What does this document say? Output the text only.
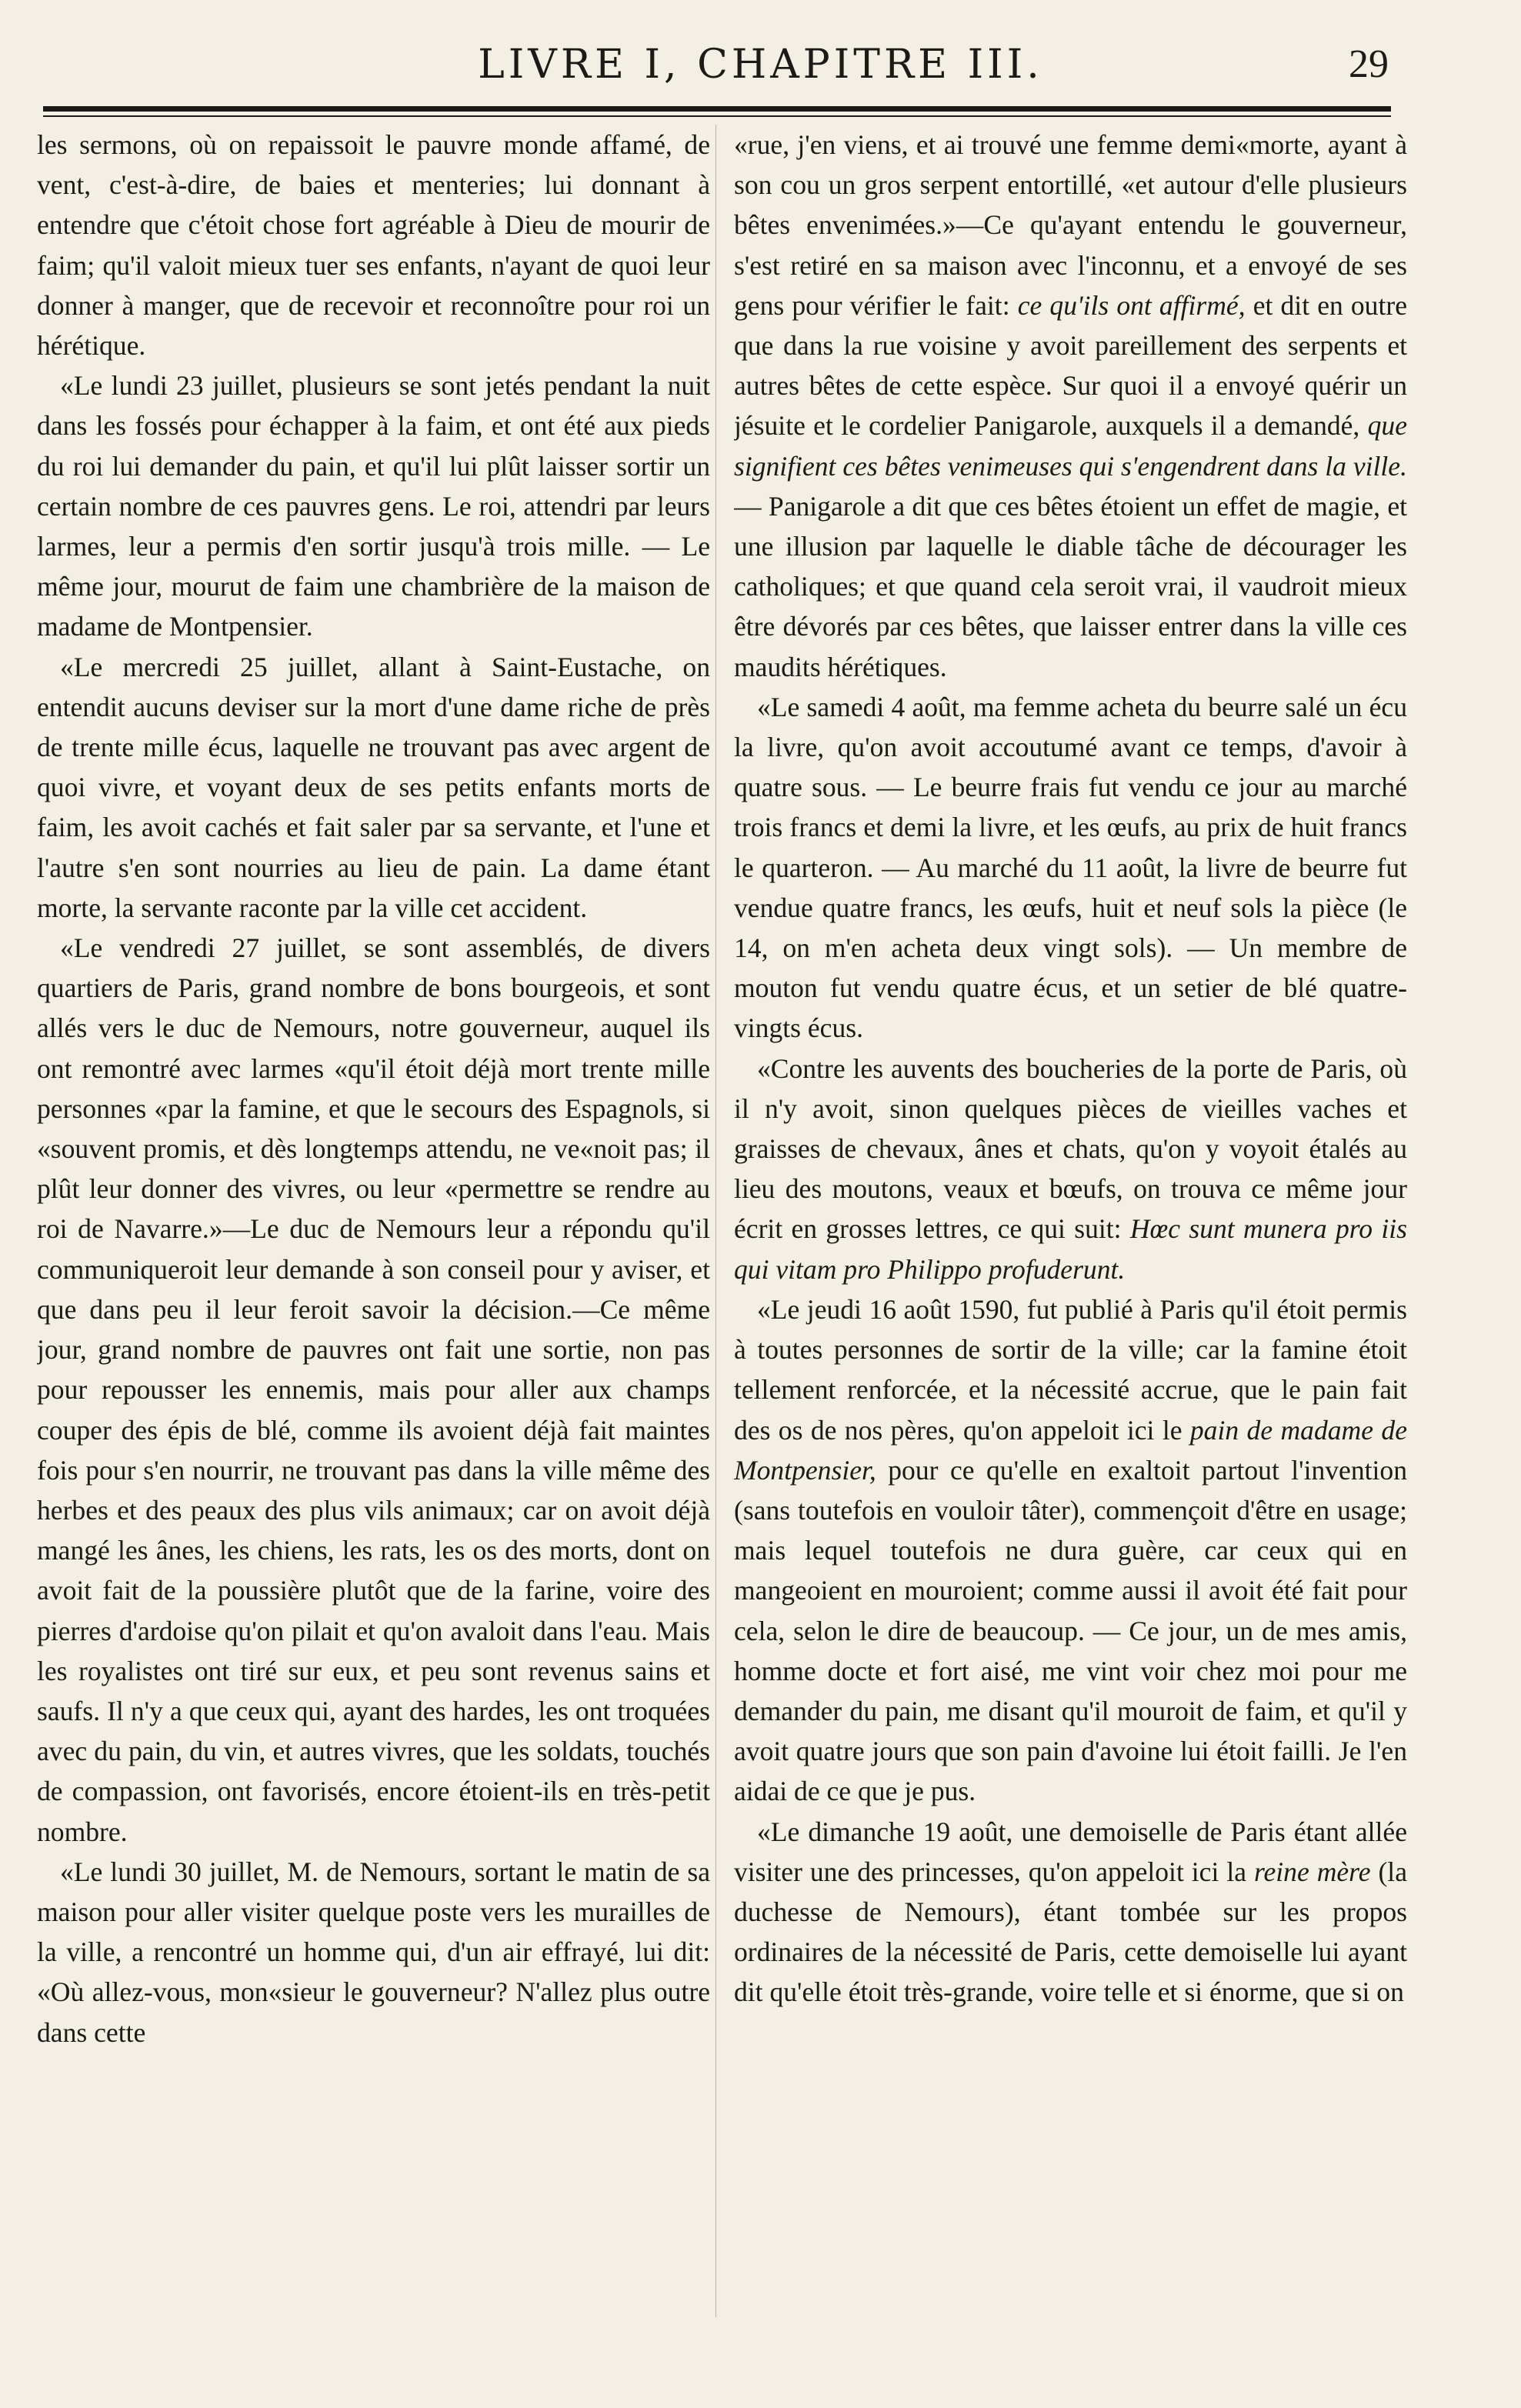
LIVRE I, CHAPITRE III.	29

les sermons, où on repaissoit le pauvre monde affamé, de vent, c'est-à-dire, de baies et menteries; lui donnant à entendre que c'étoit chose fort agréable à Dieu de mourir de faim; qu'il valoit mieux tuer ses enfants, n'ayant de quoi leur donner à manger, que de recevoir et reconnoître pour roi un hérétique.

«Le lundi 23 juillet, plusieurs se sont jetés pendant la nuit dans les fossés pour échapper à la faim, et ont été aux pieds du roi lui demander du pain, et qu'il lui plût laisser sortir un certain nombre de ces pauvres gens. Le roi, attendri par leurs larmes, leur a permis d'en sortir jusqu'à trois mille. — Le même jour, mourut de faim une chambrière de la maison de madame de Montpensier.

«Le mercredi 25 juillet, allant à Saint-Eustache, on entendit aucuns deviser sur la mort d'une dame riche de près de trente mille écus, laquelle ne trouvant pas avec argent de quoi vivre, et voyant deux de ses petits enfants morts de faim, les avoit cachés et fait saler par sa servante, et l'une et l'autre s'en sont nourries au lieu de pain. La dame étant morte, la servante raconte par la ville cet accident.

«Le vendredi 27 juillet, se sont assemblés, de divers quartiers de Paris, grand nombre de bons bourgeois, et sont allés vers le duc de Nemours, notre gouverneur, auquel ils ont remontré avec larmes «qu'il étoit déjà mort trente mille personnes «par la famine, et que le secours des Espagnols, si «souvent promis, et dès longtemps attendu, ne ve«noit pas; il plût leur donner des vivres, ou leur «permettre se rendre au roi de Navarre.»—Le duc de Nemours leur a répondu qu'il communiqueroit leur demande à son conseil pour y aviser, et que dans peu il leur feroit savoir la décision.—Ce même jour, grand nombre de pauvres ont fait une sortie, non pas pour repousser les ennemis, mais pour aller aux champs couper des épis de blé, comme ils avoient déjà fait maintes fois pour s'en nourrir, ne trouvant pas dans la ville même des herbes et des peaux des plus vils animaux; car on avoit déjà mangé les ânes, les chiens, les rats, les os des morts, dont on avoit fait de la poussière plutôt que de la farine, voire des pierres d'ardoise qu'on pilait et qu'on avaloit dans l'eau. Mais les royalistes ont tiré sur eux, et peu sont revenus sains et saufs. Il n'y a que ceux qui, ayant des hardes, les ont troquées avec du pain, du vin, et autres vivres, que les soldats, touchés de compassion, ont favorisés, encore étoient-ils en très-petit nombre.

«Le lundi 30 juillet, M. de Nemours, sortant le matin de sa maison pour aller visiter quelque poste vers les murailles de la ville, a rencontré un homme qui, d'un air effrayé, lui dit: «Où allez-vous, mon«sieur le gouverneur? N'allez plus outre dans cette

«rue, j'en viens, et ai trouvé une femme demi«morte, ayant à son cou un gros serpent entortillé, «et autour d'elle plusieurs bêtes envenimées.»—Ce qu'ayant entendu le gouverneur, s'est retiré en sa maison avec l'inconnu, et a envoyé de ses gens pour vérifier le fait: ce qu'ils ont affirmé, et dit en outre que dans la rue voisine y avoit pareillement des serpents et autres bêtes de cette espèce. Sur quoi il a envoyé quérir un jésuite et le cordelier Panigarole, auxquels il a demandé, que signifient ces bêtes venimeuses qui s'engendrent dans la ville. — Panigarole a dit que ces bêtes étoient un effet de magie, et une illusion par laquelle le diable tâche de décourager les catholiques; et que quand cela seroit vrai, il vaudroit mieux être dévorés par ces bêtes, que laisser entrer dans la ville ces maudits hérétiques.

«Le samedi 4 août, ma femme acheta du beurre salé un écu la livre, qu'on avoit accoutumé avant ce temps, d'avoir à quatre sous. — Le beurre frais fut vendu ce jour au marché trois francs et demi la livre, et les œufs, au prix de huit francs le quarteron. — Au marché du 11 août, la livre de beurre fut vendue quatre francs, les œufs, huit et neuf sols la pièce (le 14, on m'en acheta deux vingt sols). — Un membre de mouton fut vendu quatre écus, et un setier de blé quatre-vingts écus.

«Contre les auvents des boucheries de la porte de Paris, où il n'y avoit, sinon quelques pièces de vieilles vaches et graisses de chevaux, ânes et chats, qu'on y voyoit étalés au lieu des moutons, veaux et bœufs, on trouva ce même jour écrit en grosses lettres, ce qui suit: Hœc sunt munera pro iis qui vitam pro Philippo profuderunt.

«Le jeudi 16 août 1590, fut publié à Paris qu'il étoit permis à toutes personnes de sortir de la ville; car la famine étoit tellement renforcée, et la nécessité accrue, que le pain fait des os de nos pères, qu'on appeloit ici le pain de madame de Montpensier, pour ce qu'elle en exaltoit partout l'invention (sans toutefois en vouloir tâter), commençoit d'être en usage; mais lequel toutefois ne dura guère, car ceux qui en mangeoient en mouroient; comme aussi il avoit été fait pour cela, selon le dire de beaucoup. — Ce jour, un de mes amis, homme docte et fort aisé, me vint voir chez moi pour me demander du pain, me disant qu'il mouroit de faim, et qu'il y avoit quatre jours que son pain d'avoine lui étoit failli. Je l'en aidai de ce que je pus.

«Le dimanche 19 août, une demoiselle de Paris étant allée visiter une des princesses, qu'on appeloit ici la reine mère (la duchesse de Nemours), étant tombée sur les propos ordinaires de la nécessité de Paris, cette demoiselle lui ayant dit qu'elle étoit très-grande, voire telle et si énorme, que si on
